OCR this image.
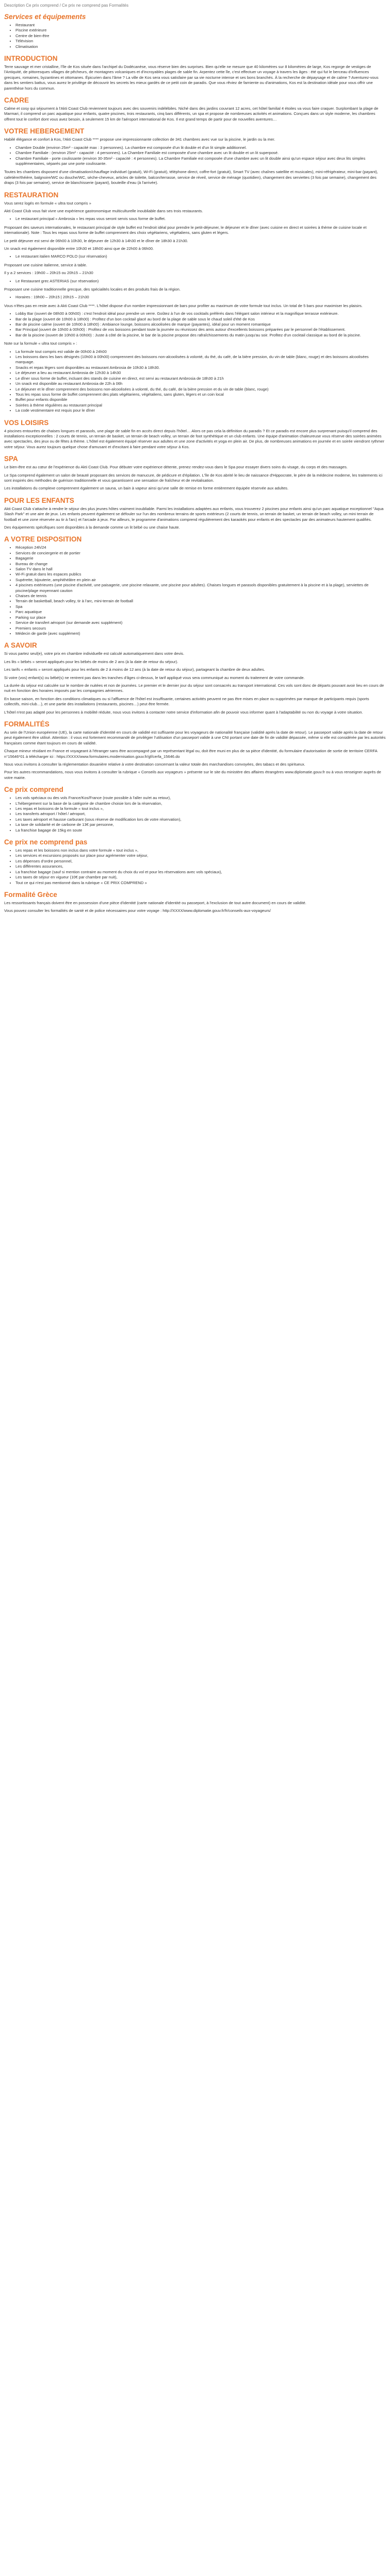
Description Ce prix comprend / Ce prix ne comprend pas Formalités
Services et équipements
• Restaurant
• Piscine extérieure
• Centre de bien-être
• Télévision
• Climatisation
INTRODUCTION

Terre sauvage et mer cristalline, l'île de Kos située dans l'archipel du Dodécanèse, vous réserve bien des surprises. Bien qu'elle ne mesure que 40 kilomètres sur 8 kilomètres de large, Kos regorge de vestiges de l'Antiquité, de pittoresques villages de pêcheurs, de montagnes volcaniques et d'incroyables plages de sable fin. Arpentez cette île, c'est effectuer un voyage à travers les âges : été qui fut le berceau d'influences grecques, romaines, byzantines et ottomanes. Épicurien dans l'âme ? La ville de Kos sera vous satisfaire par sa vie nocturne intense et ses bons branchés. À la recherche de dépaysage et de calme ? Aventurez-vous dans les sentiers battus, vous aurez le privilège de découvrir les secrets les mieux gardés de ce petit coin de paradis. Que vous rêviez de farniente ou d'animations, Kos est la destination idéale pour vous offrir une parenthèse hors du commun.

CADRE

Calme et cosy qui séjournent à l'Akti Coast Club reviennent toujours avec des souvenirs indélébiles. Niché dans des jardins couvrant 12 acres, cet hôtel familial 4 étoiles va vous faire craquer. Surplombant la plage de Marmari, il comprend un parc aquatique pour enfants, quatre piscines, trois restaurants, cinq bars différents, un spa et propose de nombreuses activités et animations. Conçues dans un style moderne, les chambres offrent tout le confort dont vous avez besoin, à seulement 15 km de l'aéroport international de Kos. Il est grand temps de partir pour de nouvelles aventures…

VOTRE HEBERGEMENT

Habilé élégance et confort à Kos, l'Akti Coast Club **** propose une impressionnante collection de 341 chambres avec vue sur la piscine, le jardin ou la mer.

• Chambre Double (environ 25m² - capacité max : 3 personnes). La chambre est composée d'un lit double et d'un lit simple additionnel.
• Chambre Familiale : (environ 25m² - capacité : 4 personnes). La Chambre Familiale est composée d'une chambre avec un lit double et un lit superposé.
• Chambre Familiale - porte coulissante (environ 30-35m² - capacité : 4 personnes). La Chambre Familiale est composée d'une chambre avec un lit double ainsi qu'un espace séjour avec deux lits simples supplémentaires, séparés par une porte coulissante.

Toutes les chambres disposent d'une climatisation/chauffage individuel (gratuit), Wi-Fi (gratuit), téléphone direct, coffre-fort (gratuit), Smart TV (avec chaînes satellite et musicales), mini-réfrigérateur, mini-bar (payant), cafetière/théière, balgnoire/WC ou douche/WC, sèche-cheveux, articles de toilette, balcon/terrasse, service de réveil, service de ménage (quotidien), changement des serviettes (3 fois par semaine), changement des draps (3 fois par semaine), service de blanchisserie (payant), bouteille d'eau (à l'arrivée).

RESTAURATION

Vous serez logés en formule « ultra tout compris »

Akti Coast Club vous fait vivre une expérience gastronomique multiculturelle inoubliable dans ses trois restaurants.

• Le restaurant principal « Ambrosia » les repas vous seront servis sous forme de buffet.

Proposant des saveurs internationales, le restaurant principal de style buffet est l'endroit idéal pour prendre le petit-déjeuner, le déjeuner et le dîner (avec cuisine en direct et soirées à thème de cuisine locale et internationale). Note : Tous les repas sous forme de buffet comprennent des choix végétariens, végétaliens, sans gluten et légers.

Le petit déjeuner est servi de 06h00 à 10h30, le déjeuner de 12h30 à 14h30 et le dîner de 18h30 à 21h30.

Un snack est également disponible entre 10h30 et 18h00 ainsi que de 22h00 à 06h00.

• Le restaurant italien MARCO POLO (sur réservation)

Proposant une cuisine italienne, service à table.

Il y a 2 services : 19h00 – 20h15 ou 20h15 – 21h30

• Le Restaurant grec ASTERIAS (sur réservation)

Proposant une cuisine traditionnelle grecque, des spécialités locales et des produits frais de la région.

• Horaires : 19h00 – 20h15 | 20h15 – 21h30

Vous n'êtes pas en reste avec à Akti Coast Club ****. L'hôtel dispose d'un nombre impressionnant de bars pour profiter au maximum de votre formule tout inclus. Un total de 5 bars pour maximiser les plaisirs.

• Lobby Bar (ouvert de 08h00 à 00h00) : c'est l'endroit idéal pour prendre un verre. Goûtez à l'un de vos cocktails préférés dans l'élégant salon intérieur et la magnifique terrasse extérieure.
• Bar de la plage (ouvert de 10h00 à 18h00) : Profitez d'un bon cocktail glacé au bord de la plage de sable sous le chaud soleil d'été de Kos
• Bar de piscine calme (ouvert de 10h00 à 18h00) : Ambiance lounge, boissons alcoolisées de marque (payantes), idéal pour un moment romantique
• Bar Principal (ouvert de 10h00 à 00h00) : Profitez de vos boissons pendant toute la journée ou réunissez des amis autour d'excellents boissons préparées par le personnel de l'établissement.
• Bar de la piscine (ouvert de 10h00 à 00h00) : Juste à côté de la piscine, le bar de la piscine propose des rafraîchissements du matin jusqu'au soir. Profitez d'un cocktail classique au bord de la piscine.

Note sur la formule « ultra tout compris » :

• La formule tout compris est valide de 00h00 à 24h00
• Les boissons dans les bars désignés (10h00 à 00h00) comprennent des boissons non-alcoolisées à volonté, du thé, du café, de la bière pression, du vin de table (blanc, rouge) et des boissons alcoolisées marquage.
• Snacks et repas légers sont disponibles au restaurant Ambrosia de 10h30 à 18h30.
• Le déjeuner a lieu au restaurant Ambrosia de 12h30 à 14h30
• Le dîner sous forme de buffet, incluant des stands de cuisine en direct, est servi au restaurant Ambrosia de 18h30 à 21h
• Un snack est disponible au restaurant Ambrosia de 22h à 06h
• Le déjeuner et le dîner comprennent des boissons non-alcoolisées à volonté, du thé, du café, de la bière pression et du vin de table (blanc, rouge)
• Tous les repas sous forme de buffet comprennent des plats végétariens, végétaliens, sans gluten, légers et un coin local
• Buffet pour enfants disponible
• Soirées à thème régulières au restaurant principal
• La code vestimentaire est requis pour le dîner
VOS LOISIRS

4 piscines entourées de chaises longues et parasols, une plage de sable fin en accès direct depuis l'hôtel… Alors ce pas cela la définition du paradis ? Et ce paradis est encore plus surprenant puisqu'il comprend des installations exceptionnelles : 2 courts de tennis, un terrain de basket, un terrain de beach volley, un terrain de foot synthétique et un club enfants. Une équipe d'animation chaleureuse vous réserve des soirées animées avec spectacles, des jeux ou de fêtes à thème. L'hôtel est également équipé réserver aux adultes et une zone d'activités et yoga en plein air. De plus, de nombreuses animations en journée et en soirée viendront rythmer votre séjour. Vous aurez toujours quelque chose d'amusant et d'excitant à faire pendant votre séjour à Kos.

SPA

Le bien-être est au cœur de l'expérience du Akti Coast Club. Pour débuter votre expérience détente, prenez rendez-vous dans le Spa pour essayer divers soins du visage, du corps et des massages.

Le Spa comprend également un salon de beauté proposant des services de manucure, de pédicure et d'épilation. L'île de Kos abrité le lieu de naissance d'Hippocrate, le père de la médecine moderne, les traitements ici sont inspirés des méthodes de guérison traditionnelle et vous garantissent une sensation de fraîcheur et de revitalisation.

Les installations du complexe comprennent également un sauna, un bain à vapeur ainsi qu'une salle de remise en forme entièrement équipée réservée aux adultes.

POUR LES ENFANTS

Akti Coast Club s'attache à rendre le séjour des plus jeunes hôtes vraiment inoubliable. Parmi les installations adaptées aux enfants, vous trouverez 2 piscines pour enfants ainsi qu'un parc aquatique exceptionnel "Aqua Slash Park" et une aire de jeux. Les enfants peuvent également se défouler sur l'un des nombreux terrains de sports extérieurs (2 courts de tennis, un terrain de basket, un terrain de beach volley, un mini terrain de football et une zone réservée au tir à l'arc) et l'arcade à jeux. Par ailleurs, le programme d'animations comprend régulièrement des karaokés pour enfants et des spectacles par des animateurs hautement qualifiés.

Des équipements spécifiques sont disponibles à la demande comme un lit bébé ou une chaise haute.

A VOTRE DISPOSITION
• Réception 24h/24
• Services de conciergerie et de portier
• Bagagerie
• Bureau de change
• Salon TV dans le hall
• Wi-Fi gratuit dans les espaces publics
• Supérette, bijouterie, amphithéâtre en plein air
• 4 piscines extérieures (une piscine d'activité, une paisagerie, une piscine relaxante, une piscine pour adultes). Chaises longues et parasols disponibles gratuitement à la piscine et à la plage), serviettes de piscine/plage moyennant caution
• Chaises de tennis
• Terrain de basketball, beach volley, tir à l'arc, mini-terrain de football
• Spa
• Parc aquatique
• Parking sur place
• Service de transfert aéroport (sur demande avec supplément)
• Premiers secours
• Médecin de garde (avec supplément)
A SAVOIR

Si vous partez seul(e), votre prix en chambre individuelle est calculé automatiquement dans votre devis.

Les lits « bébés » seront appliqués pour les bébés de moins de 2 ans (à la date de retour du séjour).

Les tarifs « enfants » seront appliqués pour les enfants de 2 à moins de 12 ans (à la date de retour du séjour), partageant la chambre de deux adultes.

Si votre (vos) enfant(s) ou bébé(s) ne rentrent pas dans les tranches d'âges ci-dessus, le tarif appliqué vous sera communiqué au moment du traitement de votre commande.

La durée du séjour est calculée sur le nombre de nuitées et non de journées. Le premier et le dernier jour du séjour sont consacrés au transport international. Ces vols sont donc de départs pouvant avoir lieu en cours de nuit en fonction des horaires imposés par les compagnies aériennes.

En basse saison, en fonction des conditions climatiques ou si l'affluence de l'hôtel est insuffisante, certaines activités peuvent ne pas être mises en place ou supprimées par manque de participants requis (sports collectifs, mini-club…), et une partie des installations (restaurants, piscines…) peut être fermée.

L'hôtel n'est pas adapté pour les personnes à mobilité réduite, nous vous invitons à contacter notre service d'information afin de pouvoir vous informer quant à l'adaptabilité ou non du voyage à votre situation.

FORMALITÉS

Au sein de l'Union européenne (UE), la carte nationale d'identité en cours de validité est suffisante pour les voyageurs de nationalité française (validité après la date de retour). Le passeport valide après la date de retour peut également être utilisé. Attention : il vous est fortement recommandé de privilégier l'utilisation d'un passeport valide à une CNI portant une date de fin de validité dépassée, même si elle est considérée par les autorités françaises comme étant toujours en cours de validité.

Chaque mineur résidant en France et voyageant à l'étranger sans être accompagné par un représentant légal ou, doit être muni en plus de sa pièce d'identité, du formulaire d'autorisation de sortie de territoire CERFA n°15646*01 à télécharger ici : https://XXXX/www.formulaires.modernisation.gouv.fr/gf/cerfa_15646.do

Nous vous invitons à consulter la réglementation douanière relative à votre destination concernant la valeur totale des marchandises convoyées, des tabacs et des spiritueux.

Pour les autres recommandations, nous vous invitons à consulter la rubrique « Conseils aux voyageurs » présente sur le site du ministère des affaires étrangères www.diplomatie.gouv.fr ou à vous renseigner auprès de votre mairie.

Ce prix comprend
• Les vols spéciaux ou des vols France/Kos/France (route possible à l'aller ou/et au retour),
• L'hébergement sur la base de la catégorie de chambre choisie lors de la réservation,
• Les repas et boissons de la formule « tout inclus »,
• Les transferts aéroport / hôtel / aéroport,
• Les taxes aéroport et hausse carburant (sous réserve de modification lors de votre réservation),
• La taxe de solidarité et de carbone de 13€ par personne,
• La franchise bagage de 15kg en soute
Ce prix ne comprend pas
• Les repas et les boissons non inclus dans votre formule « tout inclus »,
• Les services et excursions proposés sur place pour agrémenter votre séjour,
• Les dépenses d'ordre personnel,
• Les différentes assurances,
• La franchise bagage (sauf si mention contraire au moment du choix du vol et pour les réservations avec vols spéciaux),
• Les taxes de séjour en vigueur (10€ par chambre par nuit),
• Tout ce qui n'est pas mentionné dans la rubrique « CE PRIX COMPREND »
Formalité Grèce

Les ressortissants français doivent être en possession d'une pièce d'identité (carte nationale d'identité ou passeport, à l'exclusion de tout autre document) en cours de validité.

Vous pouvez consulter les formalités de santé et de police nécessaires pour votre voyage : http://XXXX/www.diplomatie.gouv.fr/fr/conseils-aux-voyageurs/
